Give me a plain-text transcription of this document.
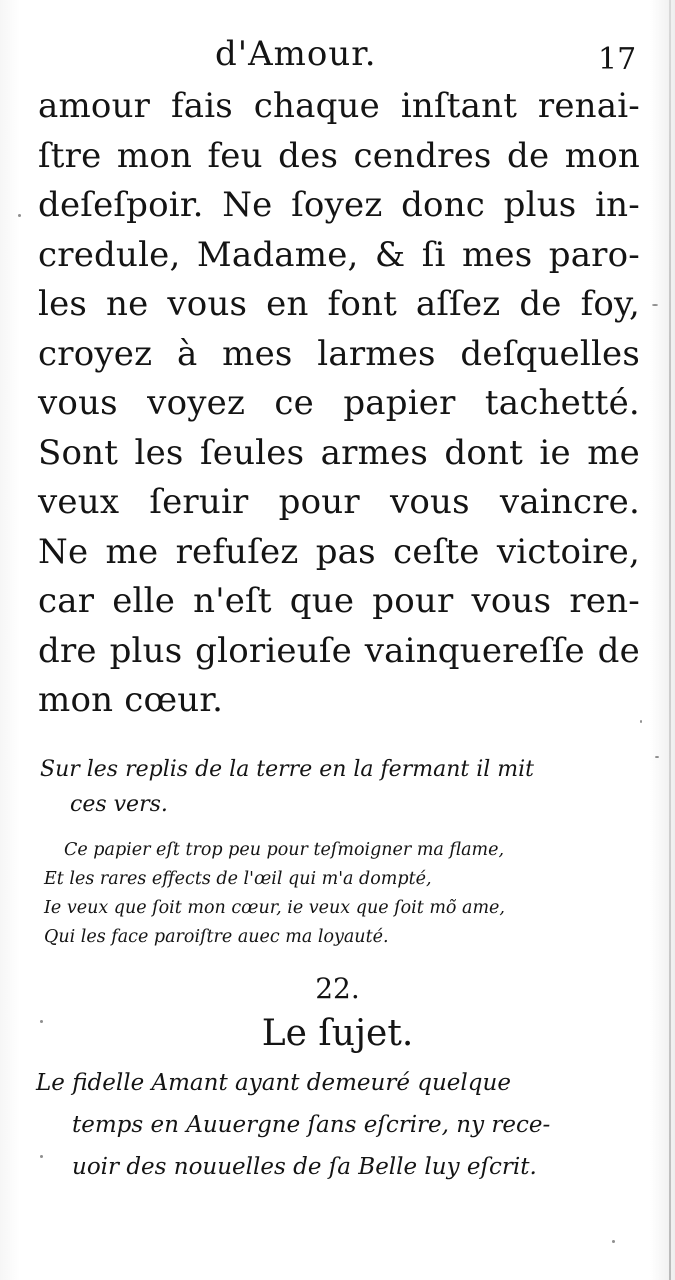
d'Amour.	17
amour fais chaque inſtant renai-
ſtre mon feu des cendres de mon
deſeſpoir. Ne ſoyez donc plus in-
credule, Madame, & ſi mes paro-
les ne vous en font aſſez de foy,
croyez à mes larmes deſquelles
vous voyez ce papier tachetté.
Sont les ſeules armes dont ie me
veux ſeruir pour vous vaincre.
Ne me refuſez pas ceſte victoire,
car elle n'eſt que pour vous ren-
dre plus glorieuſe vainquereſſe de
mon cœur.
Sur les replis de la terre en la fermant il mit
ces vers.
Ce papier eſt trop peu pour teſmoigner ma flame,
Et les rares effects de l'œil qui m'a dompté,
Ie veux que ſoit mon cœur, ie veux que ſoit mõ ame,
Qui les face paroiſtre auec ma loyauté.
22.
Le ſujet.
Le fidelle Amant ayant demeuré quelque
temps en Auuergne ſans eſcrire, ny rece-
uoir des nouuelles de ſa Belle luy eſcrit.
